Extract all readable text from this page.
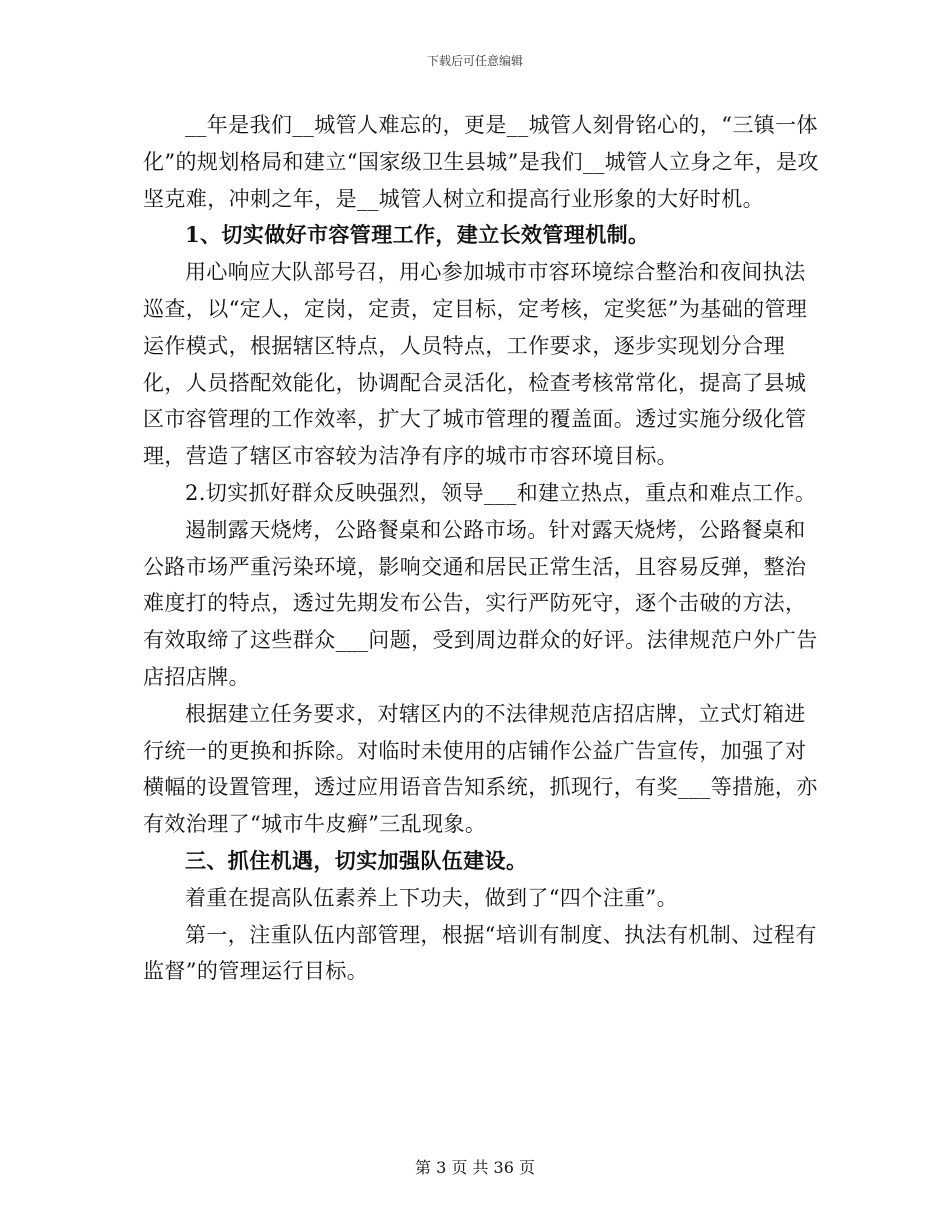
下载后可任意编辑

__年是我们__城管人难忘的，更是__城管人刻骨铭心的，“三镇一体化”的规划格局和建立“国家级卫生县城”是我们__城管人立身之年，是攻坚克难，冲刺之年，是__城管人树立和提高行业形象的大好时机。

1、切实做好市容管理工作，建立长效管理机制。

用心响应大队部号召，用心参加城市市容环境综合整治和夜间执法巡查，以“定人，定岗，定责，定目标，定考核，定奖惩”为基础的管理运作模式，根据辖区特点，人员特点，工作要求，逐步实现划分合理化，人员搭配效能化，协调配合灵活化，检查考核常常化，提高了县城区市容管理的工作效率，扩大了城市管理的覆盖面。透过实施分级化管理，营造了辖区市容较为洁净有序的城市市容环境目标。

2.切实抓好群众反映强烈，领导___和建立热点，重点和难点工作。

遏制露天烧烤，公路餐桌和公路市场。针对露天烧烤，公路餐桌和公路市场严重污染环境，影响交通和居民正常生活，且容易反弹，整治难度打的特点，透过先期发布公告，实行严防死守，逐个击破的方法，有效取缔了这些群众___问题，受到周边群众的好评。法律规范户外广告店招店牌。

根据建立任务要求，对辖区内的不法律规范店招店牌，立式灯箱进行统一的更换和拆除。对临时未使用的店铺作公益广告宣传，加强了对横幅的设置管理，透过应用语音告知系统，抓现行，有奖___等措施，亦有效治理了“城市牛皮癣”三乱现象。

三、抓住机遇，切实加强队伍建设。

着重在提高队伍素养上下功夫，做到了“四个注重”。

第一，注重队伍内部管理，根据“培训有制度、执法有机制、过程有监督”的管理运行目标。

第 3 页 共 36 页
